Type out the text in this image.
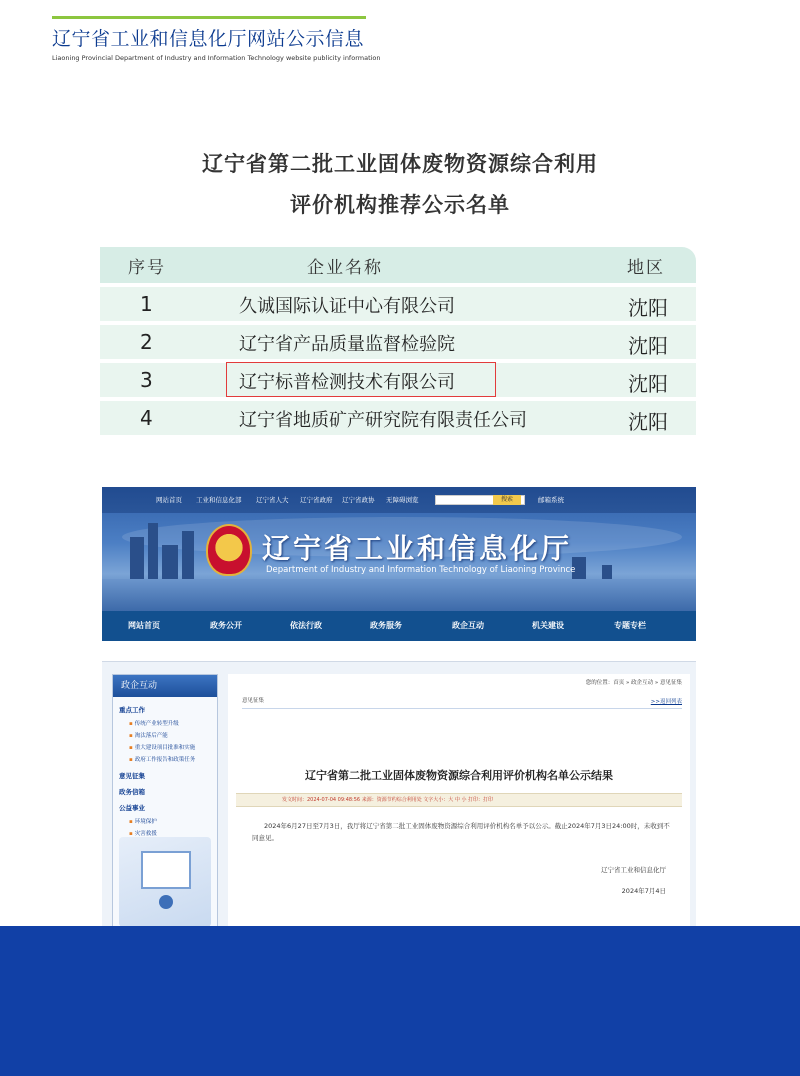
辽宁省工业和信息化厅网站公示信息
Liaoning Provincial Department of Industry and Information Technology website publicity information
辽宁省第二批工业固体废物资源综合利用
评价机构推荐公示名单
序号	企业名称	地区
1	久诚国际认证中心有限公司	沈阳
2	辽宁省产品质量监督检验院	沈阳
3	辽宁标普检测技术有限公司	沈阳
4	辽宁省地质矿产研究院有限责任公司	沈阳
网站首页 工业和信息化部 辽宁省人大 辽宁省政府 辽宁省政协 无障碍浏览	邮箱系统
搜索
辽宁省工业和信息化厅
Department of Industry and Information Technology of Liaoning Province
网站首页	政务公开	依法行政	政务服务	政企互动	机关建设	专题专栏
政企互动
重点工作
▪ 传统产业转型升级
▪ 淘汰落后产能
▪ 重大建设项目批准和实施
▪ 政府工作报告和政策任务
意见征集
政务信箱
公益事业
▪ 环境保护
▪ 灾害救援
您的位置：首页 » 政企互动 » 意见征集
意见征集	>>返回列表
辽宁省第二批工业固体废物资源综合利用评价机构名单公示结果
发文时间：2024-07-04 09:48:56 来源：资源节约综合利用处 文字大小：大 中 小 打印：打印
2024年6月27日至7月3日，我厅将辽宁省第二批工业固体废物资源综合利用评价机构名单予以公示。截止2024年7月3日24:00时，未收到不同意见。
辽宁省工业和信息化厅
2024年7月4日
»
